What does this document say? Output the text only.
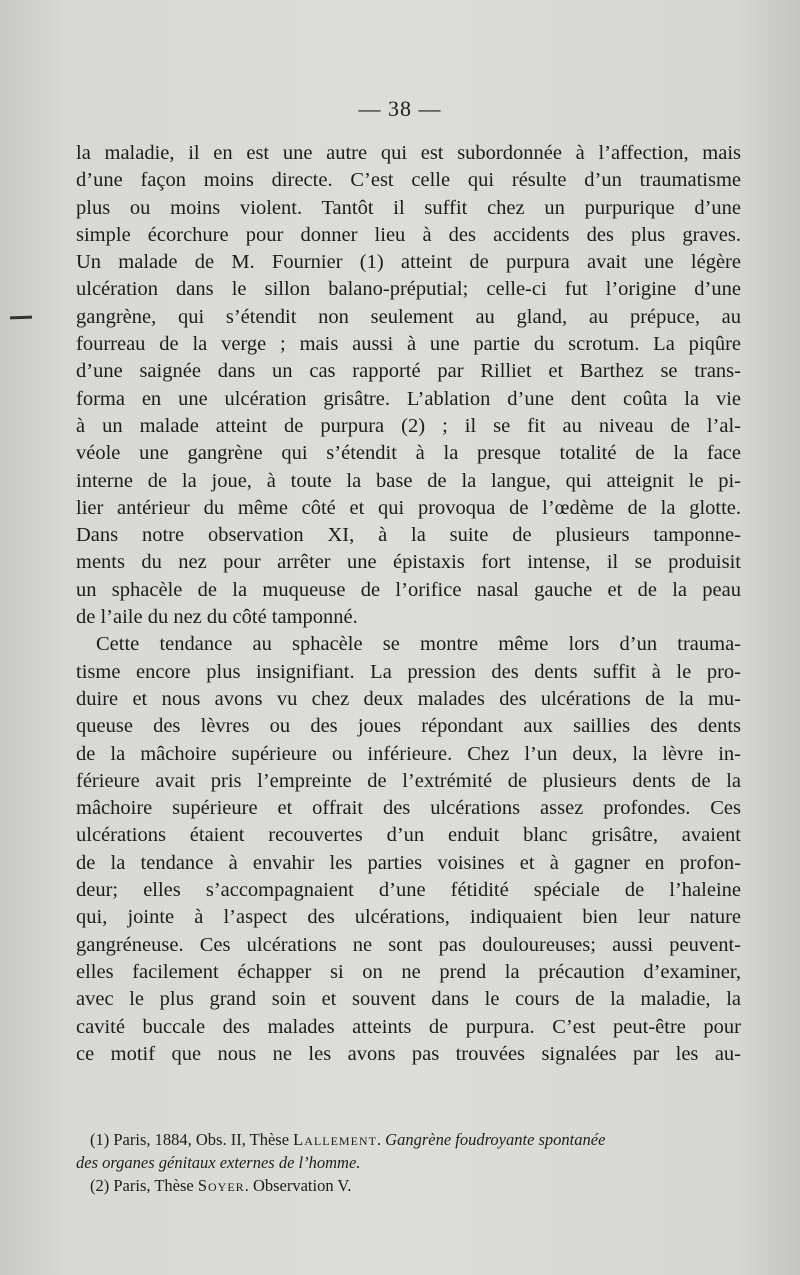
— 38 —
la maladie, il en est une autre qui est subordonnée à l’affection, mais
d’une façon moins directe. C’est celle qui résulte d’un traumatisme
plus ou moins violent. Tantôt il suffit chez un purpurique d’une
simple écorchure pour donner lieu à des accidents des plus graves.
Un malade de M. Fournier (1) atteint de purpura avait une légère
ulcération dans le sillon balano-préputial; celle-ci fut l’origine d’une
gangrène, qui s’étendit non seulement au gland, au prépuce, au
fourreau de la verge ; mais aussi à une partie du scrotum. La piqûre
d’une saignée dans un cas rapporté par Rilliet et Barthez se trans-
forma en une ulcération grisâtre. L’ablation d’une dent coûta la vie
à un malade atteint de purpura (2) ; il se fit au niveau de l’al-
véole une gangrène qui s’étendit à la presque totalité de la face
interne de la joue, à toute la base de la langue, qui atteignit le pi-
lier antérieur du même côté et qui provoqua de l’œdème de la glotte.
Dans notre observation XI, à la suite de plusieurs tamponne-
ments du nez pour arrêter une épistaxis fort intense, il se produisit
un sphacèle de la muqueuse de l’orifice nasal gauche et de la peau
de l’aile du nez du côté tamponné.
Cette tendance au sphacèle se montre même lors d’un trauma-
tisme encore plus insignifiant. La pression des dents suffit à le pro-
duire et nous avons vu chez deux malades des ulcérations de la mu-
queuse des lèvres ou des joues répondant aux saillies des dents
de la mâchoire supérieure ou inférieure. Chez l’un deux, la lèvre in-
férieure avait pris l’empreinte de l’extrémité de plusieurs dents de la
mâchoire supérieure et offrait des ulcérations assez profondes. Ces
ulcérations étaient recouvertes d’un enduit blanc grisâtre, avaient
de la tendance à envahir les parties voisines et à gagner en profon-
deur; elles s’accompagnaient d’une fétidité spéciale de l’haleine
qui, jointe à l’aspect des ulcérations, indiquaient bien leur nature
gangréneuse. Ces ulcérations ne sont pas douloureuses; aussi peuvent-
elles facilement échapper si on ne prend la précaution d’examiner,
avec le plus grand soin et souvent dans le cours de la maladie, la
cavité buccale des malades atteints de purpura. C’est peut-être pour
ce motif que nous ne les avons pas trouvées signalées par les au-
(1) Paris, 1884, Obs. II, Thèse Lallement. Gangrène foudroyante spontanée
des organes génitaux externes de l’homme.
(2) Paris, Thèse Soyer. Observation V.
